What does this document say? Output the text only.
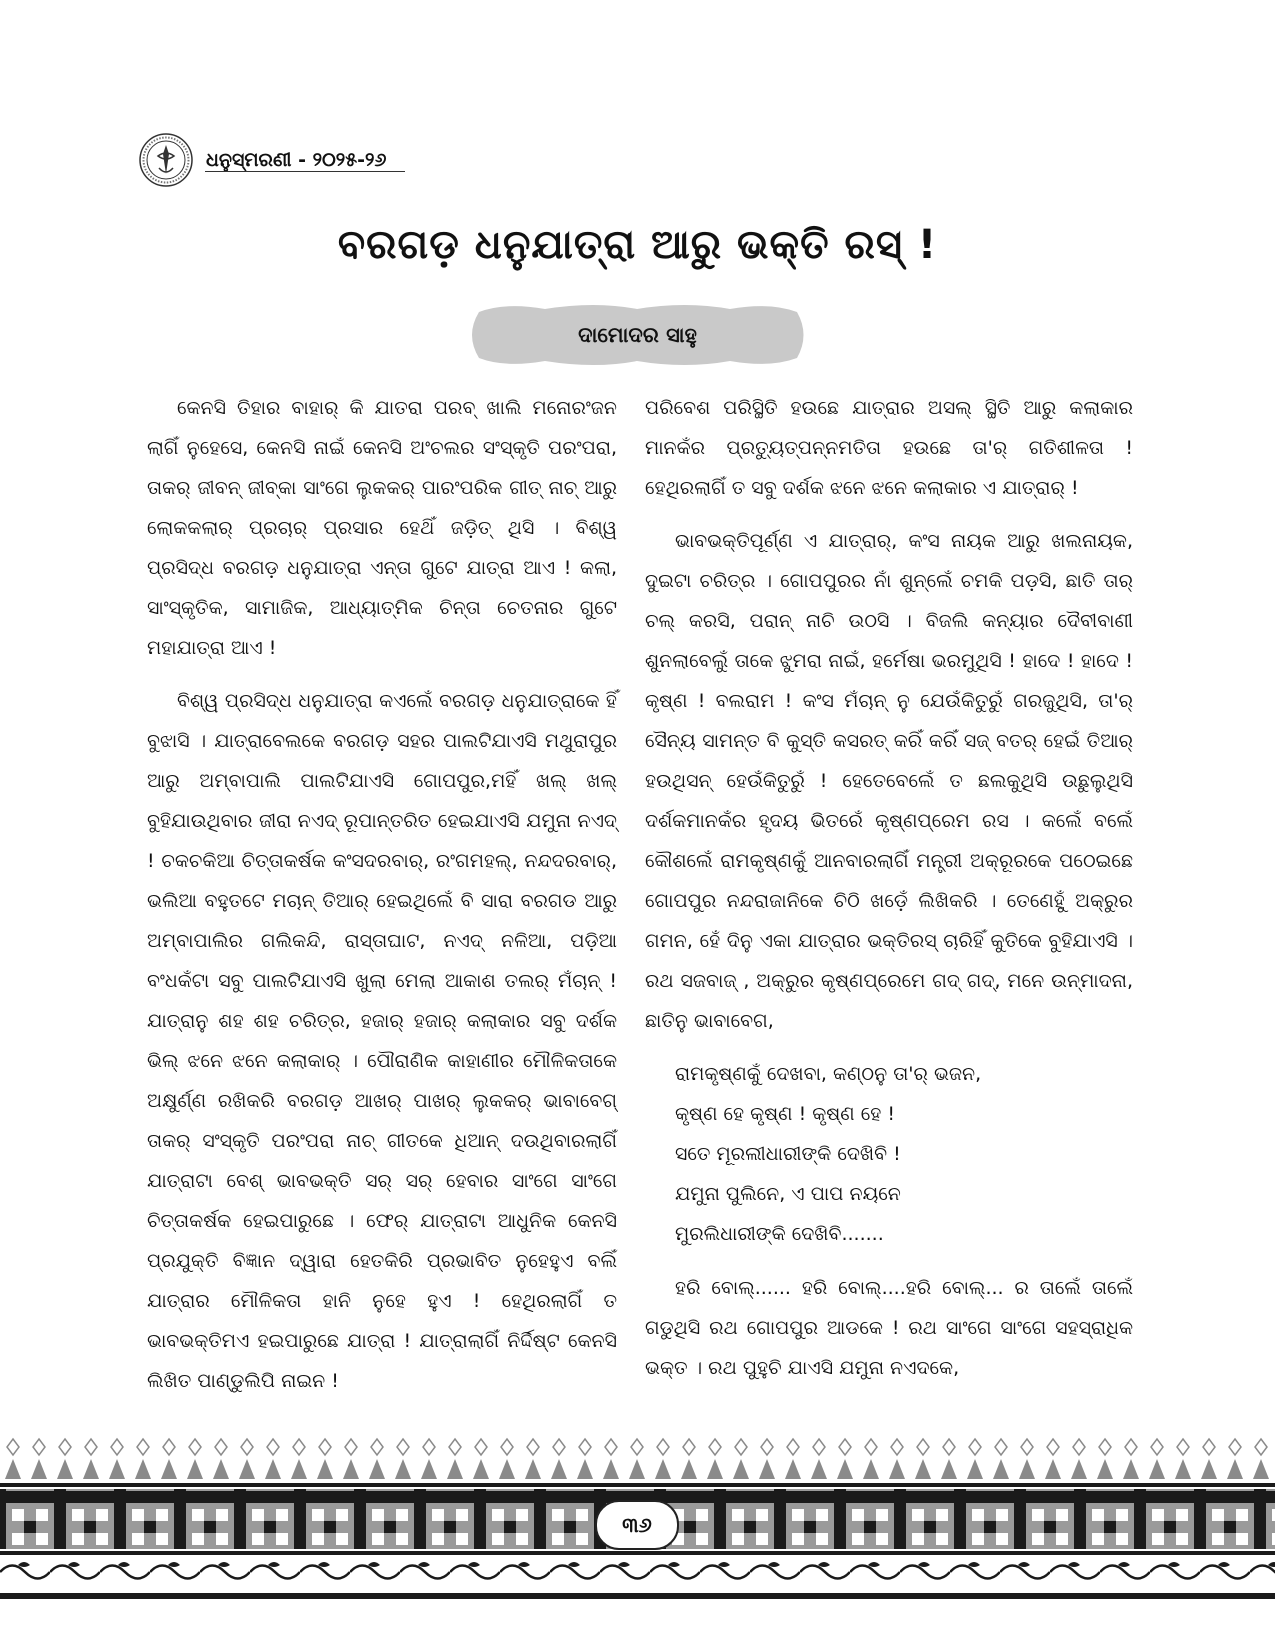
ଧନୁସ୍ମରଣୀ - ୨୦୨୫-୨୬
ବରଗଡ଼ ଧନୁଯାତ୍ରା ଆରୁ ଭକ୍ତି ରସ୍ !
ଦାମୋଦର ସାହୁ

କେନସି ତିହାର ବାହାର୍ କି ଯାତରା ପରବ୍ ଖାଲି ମନୋରଂଜନ ଲାଗିଁ ନୁହେସେ, କେନସି ନାଇଁ କେନସି ଅଂଚଲର ସଂସ୍କୃତି ପରଂପରା, ତାକର୍ ଜୀବନ୍ ଜୀବ୍କା ସାଂଗେ ଲୁକକର୍ ପାରଂପରିକ ଗୀତ୍ ନାଚ୍ ଆରୁ ଲୋକକଲାର୍ ପ୍ରଚାର୍ ପ୍ରସାର ହେଥିଁ ଜଡ଼ିତ୍ ଥିସି । ବିଶ୍ୱ ପ୍ରସିଦ୍ଧ ବରଗଡ଼ ଧନୁଯାତ୍ରା ଏନ୍ତା ଗୁଟେ ଯାତ୍ରା ଆଏ ! କଲା, ସାଂସ୍କୃତିକ, ସାମାଜିକ, ଆଧ୍ୟାତ୍ମିକ ଚିନ୍ତା ଚେତନାର ଗୁଟେ ମହାଯାତ୍ରା ଆଏ !

ବିଶ୍ୱ ପ୍ରସିଦ୍ଧ ଧନୁଯାତ୍ରା କଏଲେଁ ବରଗଡ଼ ଧନୁଯାତ୍ରାକେ ହିଁ ବୁଝାସି । ଯାତ୍ରାବେଲକେ ବରଗଡ଼ ସହର ପାଲଟିଯାଏସି ମଥୁରାପୁର ଆରୁ ଅମ୍ବାପାଲି ପାଲଟିଯାଏସି ଗୋପପୁର,ମହିଁ ଖଲ୍ ଖଲ୍ ବୁହିଯାଉଥିବାର ଜୀରା ନଏଦ୍ ରୂପାନ୍ତରିତ ହେଇଯାଏସି ଯମୁନା ନଏଦ୍ ! ଚକଚକିଆ ଚିତ୍ତାକର୍ଷକ କଂସଦରବାର୍, ରଂଗମହଲ୍, ନନ୍ଦଦରବାର୍, ଭଲିଆ ବହୁତଟେ ମଚାନ୍ ତିଆର୍ ହେଇଥିଲେଁ ବି ସାରା ବରଗଡ ଆରୁ ଅମ୍ବାପାଲିର ଗଲିକନ୍ଦି, ରାସ୍ତାଘାଟ, ନଏଦ୍ ନଳିଆ, ପଡ଼ିଆ ବଂଧକଁଟା ସବୁ ପାଲଟିଯାଏସି ଖୁଲା ମେଲା ଆକାଶ ତଲର୍ ମଁଚାନ୍ ! ଯାତ୍ରାନୁ ଶହ ଶହ ଚରିତ୍ର, ହଜାର୍ ହଜାର୍ କଲାକାର ସବୁ ଦର୍ଶକ ଭିଲ୍ ଝନେ ଝନେ କଲାକାର୍ । ପୌରାଣିକ କାହାଣୀର ମୌଳିକତାକେ ଅକ୍ଷୁର୍ଣ୍ଣ ରଖିକରି ବରଗଡ଼ ଆଖର୍ ପାଖର୍ ଲୁକକର୍ ଭାବାବେଗ୍ ତାକର୍ ସଂସ୍କୃତି ପରଂପରା ନାଚ୍ ଗୀତକେ ଧିଆନ୍ ଦଉଥିବାରଲାଗିଁ ଯାତ୍ରାଟା ବେଶ୍ ଭାବଭକ୍ତି ସର୍ ସର୍ ହେବାର ସାଂଗେ ସାଂଗେ ଚିତ୍ତାକର୍ଷକ ହେଇପାରୁଛେ । ଫେର୍ ଯାତ୍ରାଟା ଆଧୁନିକ କେନସି ପ୍ରଯୁକ୍ତି ବିଜ୍ଞାନ ଦ୍ୱାରା ହେତକିରି ପ୍ରଭାବିତ ନୁହେହୁଏ ବଲିଁ ଯାତ୍ରାର ମୌଳିକତା ହାନି ନୁହେ ହୁଏ ! ହେଥିରଲାଗିଁ ତ ଭାବଭକ୍ତିମଏ ହଇପାରୁଛେ ଯାତ୍ରା ! ଯାତ୍ରାଲାଗିଁ ନିର୍ଦ୍ଦିଷ୍ଟ କେନସି ଲିଖିତ ପାଣ୍ଡୁଲିପି ନାଇନ !

ପରିବେଶ ପରିସ୍ଥିତି ହଉଛେ ଯାତ୍ରାର ଅସଲ୍ ସ୍ଥିତି ଆରୁ କଲାକାର ମାନକଁର ପ୍ରତ୍ୟୁତ୍ପନ୍ନମତିତା ହଉଛେ ତା'ର୍ ଗତିଶୀଳତା ! ହେଥିରଲାଗିଁ ତ ସବୁ ଦର୍ଶକ ଝନେ ଝନେ କଲାକାର ଏ ଯାତ୍ରାର୍ !

ଭାବଭକ୍ତିପୂର୍ଣ୍ଣ ଏ ଯାତ୍ରାର୍, କଂସ ନାୟକ ଆରୁ ଖଲନାୟକ, ଦୁଇଟା ଚରିତ୍ର । ଗୋପପୁରର ନାଁ ଶୁନ୍‌ଲେଁ ଚମକି ପଡ଼ସି, ଛାତି ତାର୍ ଚଲ୍ କରସି, ପରାନ୍ ନାଚି ଉଠସି । ବିଜଲି କନ୍ୟାର ଦୈବୀବାଣୀ ଶୁନଲାବେଲୁଁ ତାକେ ଝୁମରା ନାଇଁ, ହର୍ମେଷା ଭରମୁଥିସି ! ହାଦେ ! ହାଦେ ! କୃଷ୍ଣ ! ବଲରାମ ! କଂସ ମଁଚାନ୍ ନୁ ଯେଉଁକିତୁରୁଁ ଗରଜୁଥିସି, ତା'ର୍ ସୈନ୍ୟ ସାମନ୍ତ ବି କୁସ୍ତି କସରତ୍ କରିଁ କରିଁ ସଜ୍ ବତର୍ ହେଇଁ ତିଆର୍ ହଉଥିସନ୍ ହେଉଁକିତୁରୁଁ ! ହେତେବେଲେଁ ତ ଛଲକୁଥିସି ଉଛୁଲୁଥିସି ଦର୍ଶକମାନକଁର ହୃଦୟ ଭିତରେଁ କୃଷ୍ଣପ୍ରେମ ରସ । କଲେଁ ବଲେଁ କୌଶଲେଁ ରାମକୃଷ୍ଣକୁଁ ଆନବାରଲାଗିଁ ମନ୍ତ୍ରୀ ଅକ୍ରୂରକେ ପଠେଇଛେ ଗୋପପୁର ନନ୍ଦରାଜାନିକେ ଚିଠି ଖଡ଼େଁ ଲିଖିକରି । ତେଣେହୁଁ ଅକ୍ରୁର ଗମନ, ହେଁ ଦିନୁ ଏକା ଯାତ୍ରାର ଭକ୍ତିରସ୍ ଚାରିହିଁ କୁତିକେ ବୁହିଯାଏସି । ରଥ ସଜବାଜ୍ , ଅକ୍ରୁର କୃଷ୍ଣପ୍ରେମେ ଗଦ୍ ଗଦ୍, ମନେ ଉନ୍ମାଦନା, ଛାତିନୁ ଭାବାବେଗ,

ରାମକୃଷ୍ଣକୁଁ ଦେଖବା, କଣ୍ଠନୁ ତା'ର୍ ଭଜନ,
କୃଷ୍ଣ ହେ କୃଷ୍ଣ ! କୃଷ୍ଣ ହେ !
ସତେ ମୂରଲୀଧାରୀଙ୍କି ଦେଖିବି !
ଯମୁନା ପୁଲିନେ, ଏ ପାପ ନୟନେ
ମୁରଲିଧାରୀଙ୍କି ଦେଖିବି.......

ହରି ବୋଲ୍...... ହରି ବୋଲ୍....ହରି ବୋଲ୍... ର ତାଲେଁ ତାଲେଁ ଗଡୁଥିସି ରଥ ଗୋପପୁର ଆଡକେ ! ରଥ ସାଂଗେ ସାଂଗେ ସହସ୍ରାଧିକ ଭକ୍ତ । ରଥ ପୁହୁଚି ଯାଏସି ଯମୁନା ନଏଦକେ,

୩୬
